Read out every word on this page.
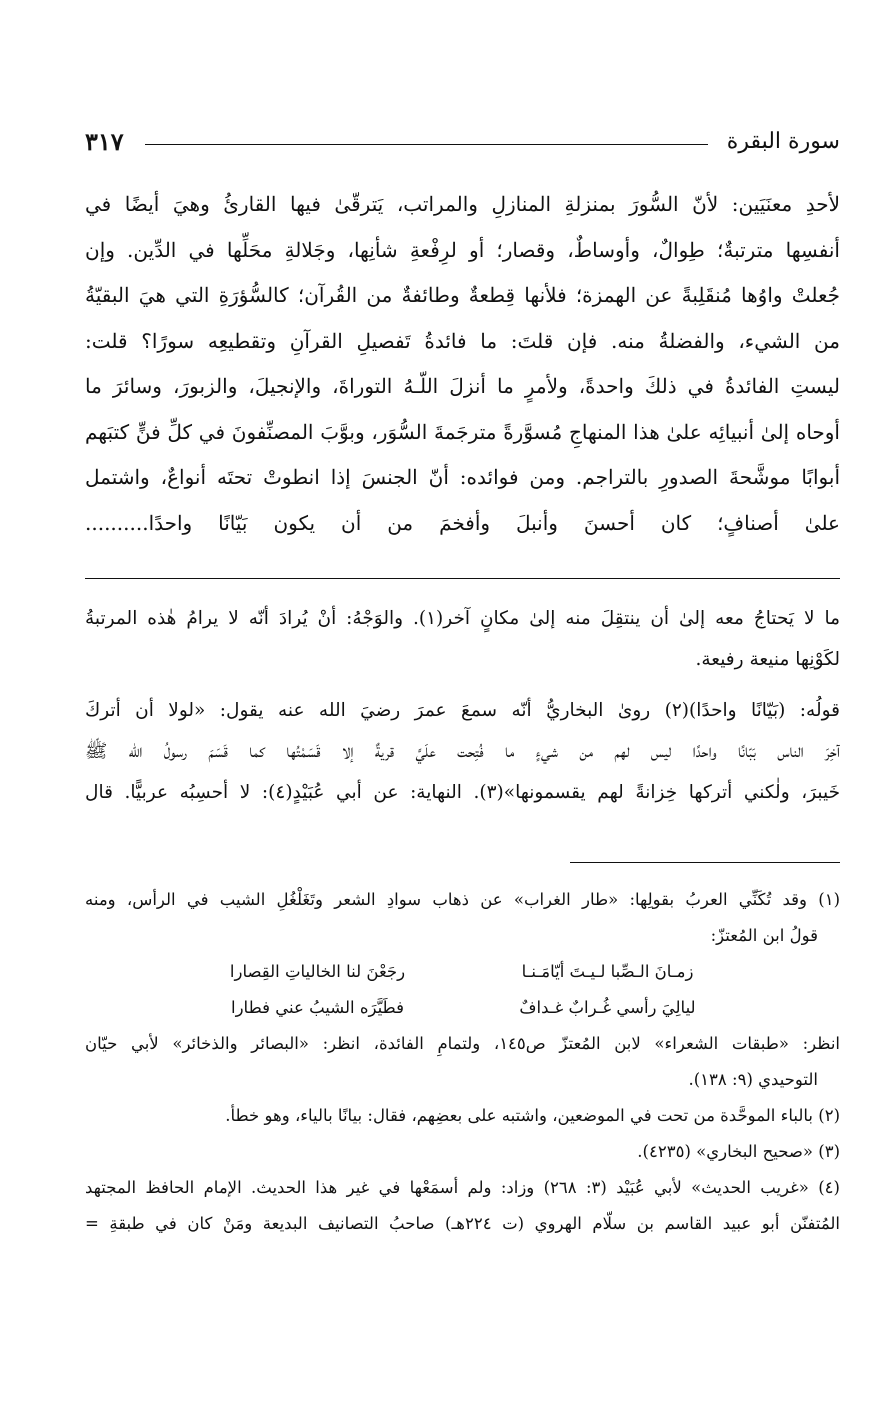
سورة البقرة
٣١٧
لأحدِ معنَيَين: لأنّ السُّورَ بمنزلةِ المنازلِ والمراتب، يَترقّىٰ فيها القارئُ وهيَ أيضًا في
أنفسِها مترتبةٌ؛ طِوالٌ، وأوساطٌ، وقصار؛ أو لرِفْعةِ شأنِها، وجَلالةِ محَلِّها في الدِّين. وإن
جُعلتْ واوُها مُنقَلِبةً عن الهمزة؛ فلأنها قِطعةٌ وطائفةٌ من القُرآن؛ كالسُّؤرَةِ التي هيَ البقيّةُ
من الشيء، والفضلةُ منه. فإن قلتَ: ما فائدةُ تَفصيلِ القرآنِ وتقطيعِه سورًا؟ قلت:
ليستِ الفائدةُ في ذلكَ واحدةً، ولأمرٍ ما أنزلَ اللّـهُ التوراةَ، والإنجيلَ، والزبورَ، وسائرَ ما
أوحاه إلىٰ أنبيائِه علىٰ هذا المنهاجِ مُسوَّرةً مترجَمةَ السُّوَر، وبوَّبَ المصنِّفونَ في كلِّ فنٍّ كتبَهم
أبوابًا موشَّحةَ الصدورِ بالتراجم. ومن فوائده: أنّ الجنسَ إذا انطوتْ تحتَه أنواعٌ، واشتمل
علىٰ أصنافٍ؛ كان أحسنَ وأنبلَ وأفخمَ من أن يكون بَيّانًا واحدًا..........
ما لا يَحتاجُ معه إلىٰ أن ينتقِلَ منه إلىٰ مكانٍ آخر(١). والوَجْهُ: أنْ يُرادَ أنّه لا يرامُ هٰذه المرتبةُ
لكَوْنِها منيعة رفيعة.
قولُه: (بَيّانًا واحدًا)(٢) روىٰ البخاريُّ أنّه سمعَ عمرَ رضيَ الله عنه يقول: «لولا أن أتركَ
آخِرَ الناس بَبّانًا واحدًا ليس لهم من شيءٍ ما فُتِحت علَيَّ قريةٌ إلا قَسَمْتُها كما قَسَمَ رسولُ الله ﷺ
خَيبرَ، ولٰكني أتركها خِزانةً لهم يقسمونها»(٣). النهاية: عن أبي عُبَيْدٍ(٤): لا أحسِبُه عربيًّا. قال
(١) وقد تُكَنِّي العربُ بقولِها: «طار الغراب» عن ذهاب سوادِ الشعر وتَغَلْغُلِ الشيب في الرأس، ومنه
قولُ ابن المُعتزّ:
زمـانَ الـصِّبا لـيـتَ أيّامَـنـا
رجَعْنَ لنا الخالياتِ القِصارا
ليالِيَ رأسي غُـرابٌ غـدافٌ
فطَيَّرَه الشيبُ عني فطارا
انظر: «طبقات الشعراء» لابن المُعتزّ ص١٤٥، ولتمامِ الفائدة، انظر: «البصائر والذخائر» لأبي حيّان
التوحيدي (٩: ١٣٨).
(٢) بالباء الموحَّدة من تحت في الموضعين، واشتبه على بعضِهم، فقال: بيانًا بالياء، وهو خطأ.
(٣) «صحيح البخاري» (٤٢٣٥).
(٤) «غريب الحديث» لأبي عُبَيْد (٣: ٢٦٨) وزاد: ولم أسمَعْها في غير هذا الحديث. الإمام الحافظ المجتهد
المُتفنّن أبو عبيد القاسم بن سلّام الهروي (ت ٢٢٤هـ) صاحبُ التصانيف البديعة ومَنْ كان في طبقةِ =
